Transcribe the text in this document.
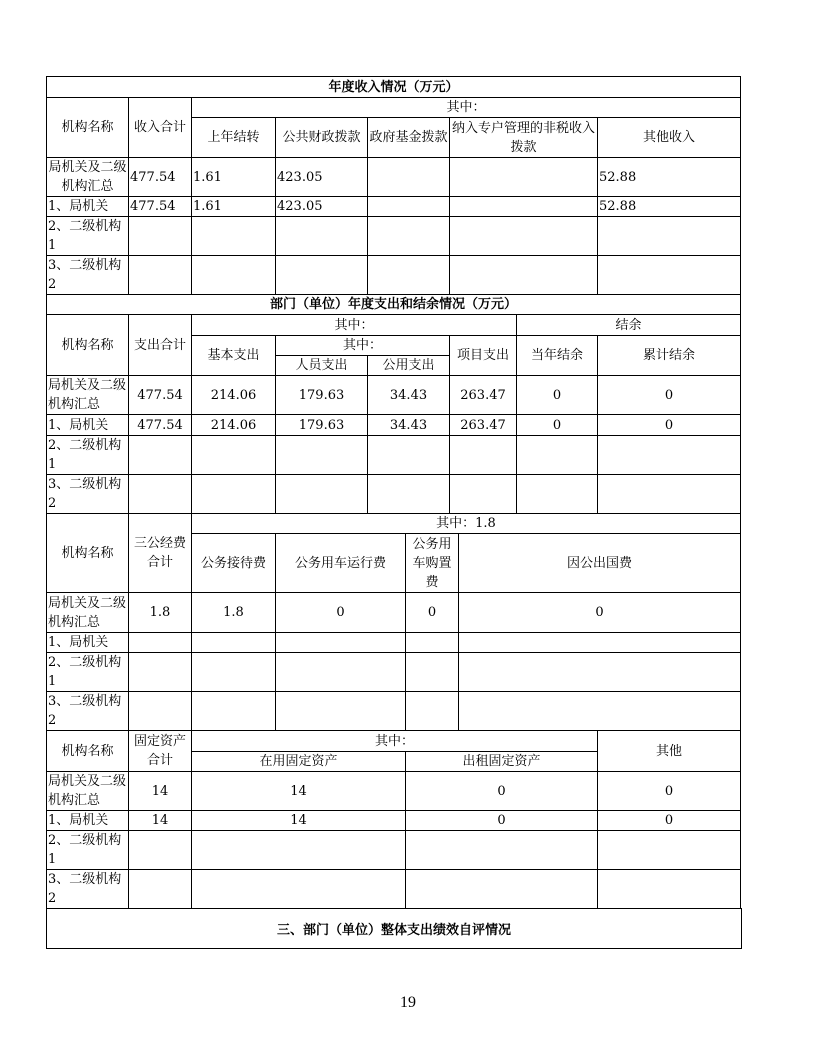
年度收入情况（万元）						
机构名称	收入合计	其中：				
		上年结转	公共财政拨款	政府基金拨款	纳入专户管理的非税收入拨款	其他收入
局机关及二级机构汇总	477.54	1.61	423.05			52.88
1、局机关	477.54	1.61	423.05			52.88
2、二级机构1						
3、二级机构2						
部门（单位）年度支出和结余情况（万元）							
机构名称	支出合计	其中：				结余	
		基本支出	其中：		项目支出	当年结余	累计结余
			人员支出	公用支出			
局机关及二级机构汇总	477.54	214.06	179.63	34.43	263.47	0	0
1、局机关	477.54	214.06	179.63	34.43	263.47	0	0
2、二级机构1							
3、二级机构2							
机构名称	三公经费合计	其中：1.8			
		公务接待费	公务用车运行费	公务用车购置费	因公出国费
局机关及二级机构汇总	1.8	1.8	0	0	0
1、局机关					
2、二级机构1					
3、二级机构2					
机构名称	固定资产合计	其中：		其他
		在用固定资产	出租固定资产	
局机关及二级机构汇总	14	14	0	0
1、局机关	14	14	0	0
2、二级机构1				
3、二级机构2				
三、部门（单位）整体支出绩效自评情况
19
